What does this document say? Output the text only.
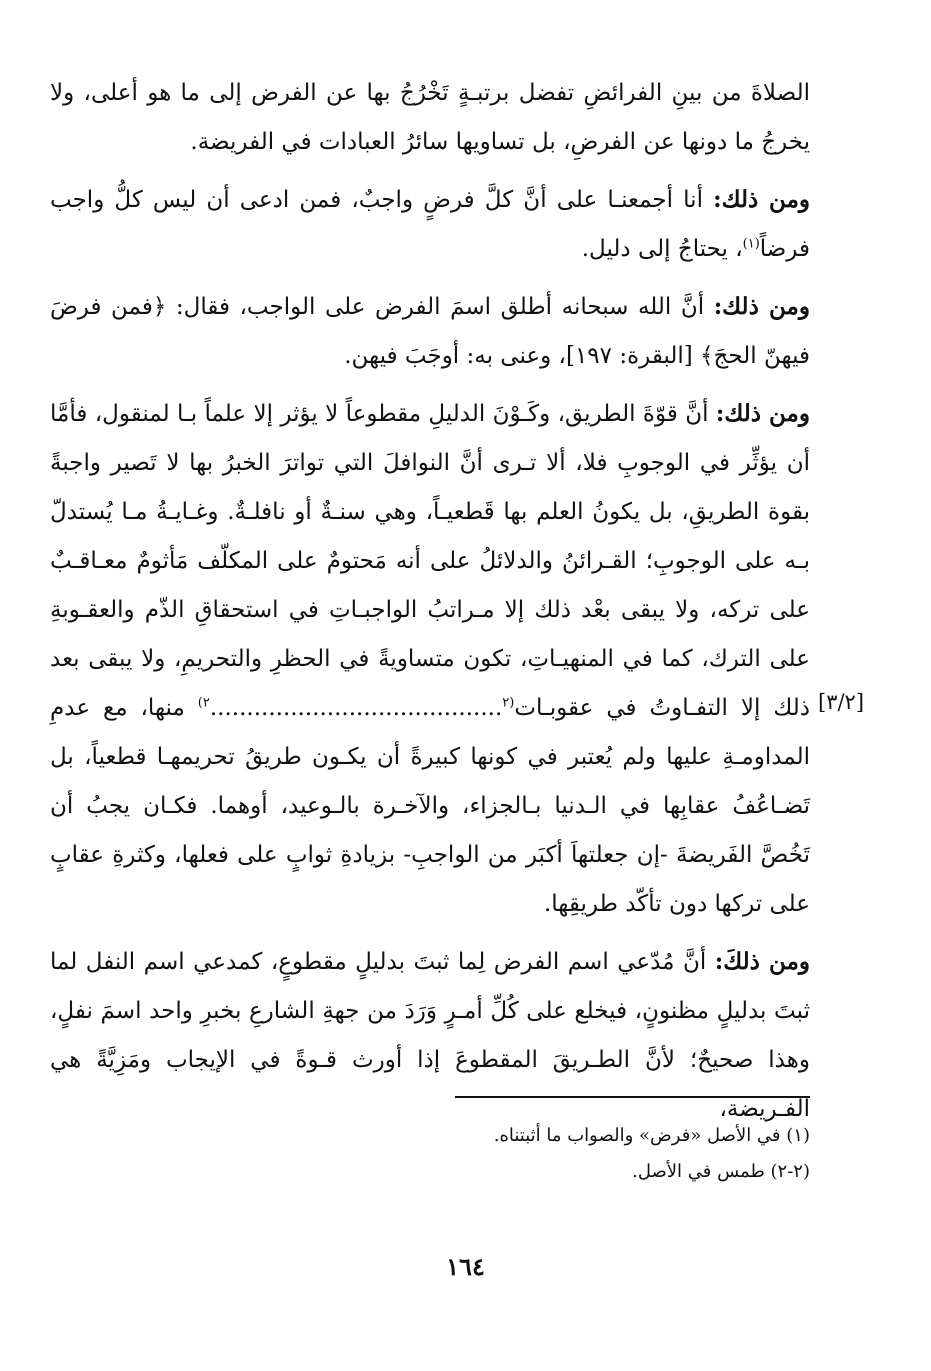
الصلاةَ من بينِ الفرائضِ تفضل برتبـةٍ تَخْرُجُ بها عن الفرض إلى ما هو أعلى، ولا يخرجُ ما دونها عن الفرضِ، بل تساويها سائرُ العبادات في الفريضة.

ومن ذلك: أنا أجمعنـا على أنَّ كلَّ فرضٍ واجبٌ، فمن ادعى أن ليس كلُّ واجب فرضاً$^{(١)}$، يحتاجُ إلى دليل.

ومن ذلك: أنَّ الله سبحانه أطلق اسمَ الفرض على الواجب، فقال: ﴿فمن فرضَ فيهنّ الحجَ﴾ [البقرة: ١٩٧]، وعنى به: أوجَبَ فيهن.

ومن ذلك: أنَّ قوّةَ الطريق، وكَـوْنَ الدليلِ مقطوعاً لا يؤثر إلا علماً بـا لمنقول، فأمَّا أن يؤثِّر في الوجوبِ فلا، ألا تـرى أنَّ النوافلَ التي تواترَ الخبرُ بها لا تَصير واجبةً بقوة الطريقِ، بل يكونُ العلم بها قَطعيـاً، وهي سنـةٌ أو نافلـةٌ. وغـايـةُ مـا يُستدلّ بـه على الوجوبِ؛ القـرائنُ والدلائلُ على أنه مَحتومٌ على المكلّف مَأثومٌ معـاقـبٌ على تركه، ولا يبقى بعْد ذلك إلا مـراتبُ الواجبـاتِ في استحقاقِ الذّم والعقـوبةِ على الترك، كما في المنهيـاتِ، تكون متساويةً في الحظرِ والتحريمِ، ولا يبقى بعد ذلك إلا التفـاوتُ في عقوبـات$^{(٢}$........................................$^{٢)}$ منها، مع عدمِ المداومـةِ عليها ولم يُعتبر في كونها كبيرةً أن يكـون طريقُ تحريمهـا قطعياً، بل تَضـاعُفُ عقابِها في الـدنيا بـالجزاء، والآخـرة بالـوعيد، أوهما. فكـان يجبُ أن تَخُصَّ الفَريضةَ -إن جعلتهاَ أكبَر من الواجبِ- بزيادةِ ثوابٍ على فعلها، وكثرةِ عقابٍ على تركها دون تأكّد طريقِها.

ومن ذلكَ: أنَّ مُدّعي اسم الفرض لِما ثبتَ بدليلٍ مقطوعٍ، كمدعي اسم النفل لما ثبتَ بدليلٍ مظنونٍ، فيخلع على كُلِّ أمـرٍ وَرَدَ من جهةِ الشارعِ بخبرِ واحد اسمَ نفلٍ، وهذا صحيحٌ؛ لأنَّ الطـريقَ المقطوعَ إذا أورث قـوةً في الإيجاب ومَزِيَّةً هي الفـريضة،

[٣/٢]

(١) في الأصل «فرض» والصواب ما أثبتناه.

(٢-٢) طمس في الأصل.

١٦٤
